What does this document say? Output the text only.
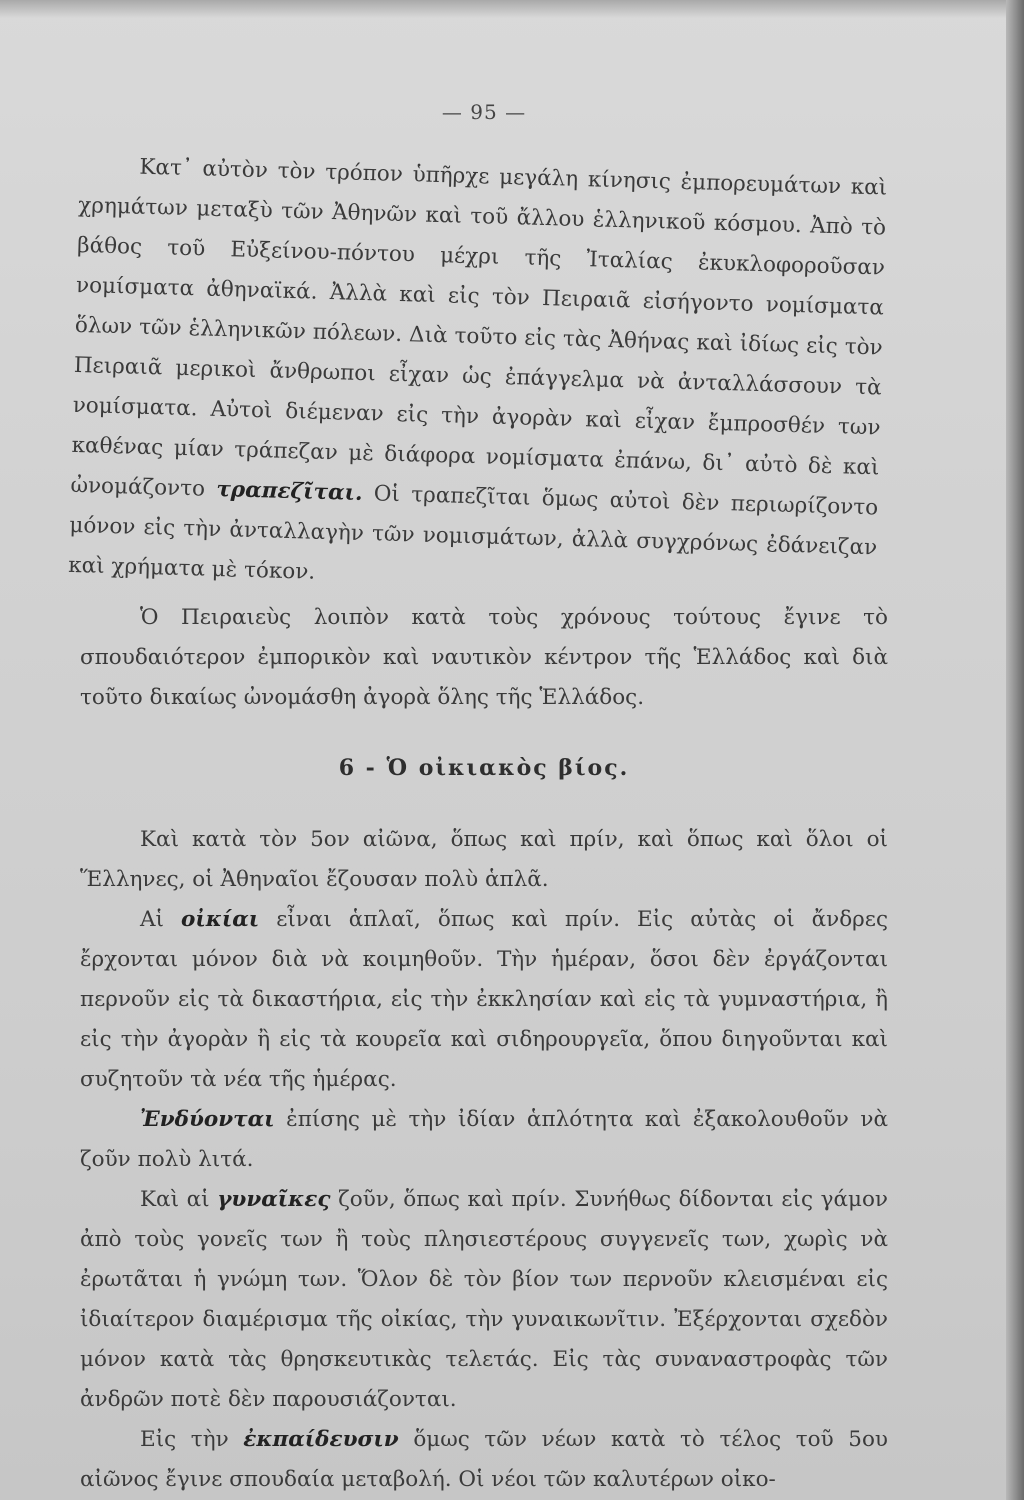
— 95 —

Κατ᾽ αὐτὸν τὸν τρόπον ὑπῆρχε μεγάλη κίνησις ἐμπορευμάτων καὶ χρημάτων μεταξὺ τῶν Ἀθηνῶν καὶ τοῦ ἄλλου ἑλληνικοῦ κόσμου. Ἀπὸ τὸ βάθος τοῦ Εὐξείνου-πόντου μέχρι τῆς Ἰταλίας ἐκυκλοφοροῦσαν νομίσματα ἀθηναϊκά. Ἀλλὰ καὶ εἰς τὸν Πειραιᾶ εἰσήγοντο νομίσματα ὅλων τῶν ἑλληνικῶν πόλεων. Διὰ τοῦτο εἰς τὰς Ἀθήνας καὶ ἰδίως εἰς τὸν Πειραιᾶ μερικοὶ ἄνθρωποι εἶχαν ὡς ἐπάγγελμα νὰ ἀνταλλάσσουν τὰ νομίσματα. Αὐτοὶ διέμεναν εἰς τὴν ἀγορὰν καὶ εἶχαν ἔμπροσθέν των καθένας μίαν τράπεζαν μὲ διάφορα νομίσματα ἐπάνω, δι᾽ αὐτὸ δὲ καὶ ὠνομάζοντο τραπεζῖται. Οἱ τραπεζῖται ὅμως αὐτοὶ δὲν περιωρίζοντο μόνον εἰς τὴν ἀνταλλαγὴν τῶν νομισμάτων, ἀλλὰ συγχρόνως ἐδάνειζαν καὶ χρήματα μὲ τόκον.

Ὁ Πειραιεὺς λοιπὸν κατὰ τοὺς χρόνους τούτους ἔγινε τὸ σπουδαιότερον ἐμπορικὸν καὶ ναυτικὸν κέντρον τῆς Ἑλλάδος καὶ διὰ τοῦτο δικαίως ὠνομάσθη ἀγορὰ ὅλης τῆς Ἑλλάδος.

6 - Ὁ οἰκιακὸς βίος.

Καὶ κατὰ τὸν 5ον αἰῶνα, ὅπως καὶ πρίν, καὶ ὅπως καὶ ὅλοι οἱ Ἕλληνες, οἱ Ἀθηναῖοι ἔζουσαν πολὺ ἁπλᾶ.

Αἱ οἰκίαι εἶναι ἁπλαῖ, ὅπως καὶ πρίν. Εἰς αὐτὰς οἱ ἄνδρες ἔρχονται μόνον διὰ νὰ κοιμηθοῦν. Τὴν ἡμέραν, ὅσοι δὲν ἐργάζονται περνοῦν εἰς τὰ δικαστήρια, εἰς τὴν ἐκκλησίαν καὶ εἰς τὰ γυμναστήρια, ἢ εἰς τὴν ἀγορὰν ἢ εἰς τὰ κουρεῖα καὶ σιδηρουργεῖα, ὅπου διηγοῦνται καὶ συζητοῦν τὰ νέα τῆς ἡμέρας.

Ἐνδύονται ἐπίσης μὲ τὴν ἰδίαν ἁπλότητα καὶ ἐξακολουθοῦν νὰ ζοῦν πολὺ λιτά.

Καὶ αἱ γυναῖκες ζοῦν, ὅπως καὶ πρίν. Συνήθως δίδονται εἰς γάμον ἀπὸ τοὺς γονεῖς των ἢ τοὺς πλησιεστέρους συγγενεῖς των, χωρὶς νὰ ἐρωτᾶται ἡ γνώμη των. Ὅλον δὲ τὸν βίον των περνοῦν κλεισμέναι εἰς ἰδιαίτερον διαμέρισμα τῆς οἰκίας, τὴν γυναικωνῖτιν. Ἐξέρχονται σχεδὸν μόνον κατὰ τὰς θρησκευτικὰς τελετάς. Εἰς τὰς συναναστροφὰς τῶν ἀνδρῶν ποτὲ δὲν παρουσιάζονται.

Εἰς τὴν ἐκπαίδευσιν ὅμως τῶν νέων κατὰ τὸ τέλος τοῦ 5ου αἰῶνος ἔγινε σπουδαία μεταβολή. Οἱ νέοι τῶν καλυτέρων οἰκο-
